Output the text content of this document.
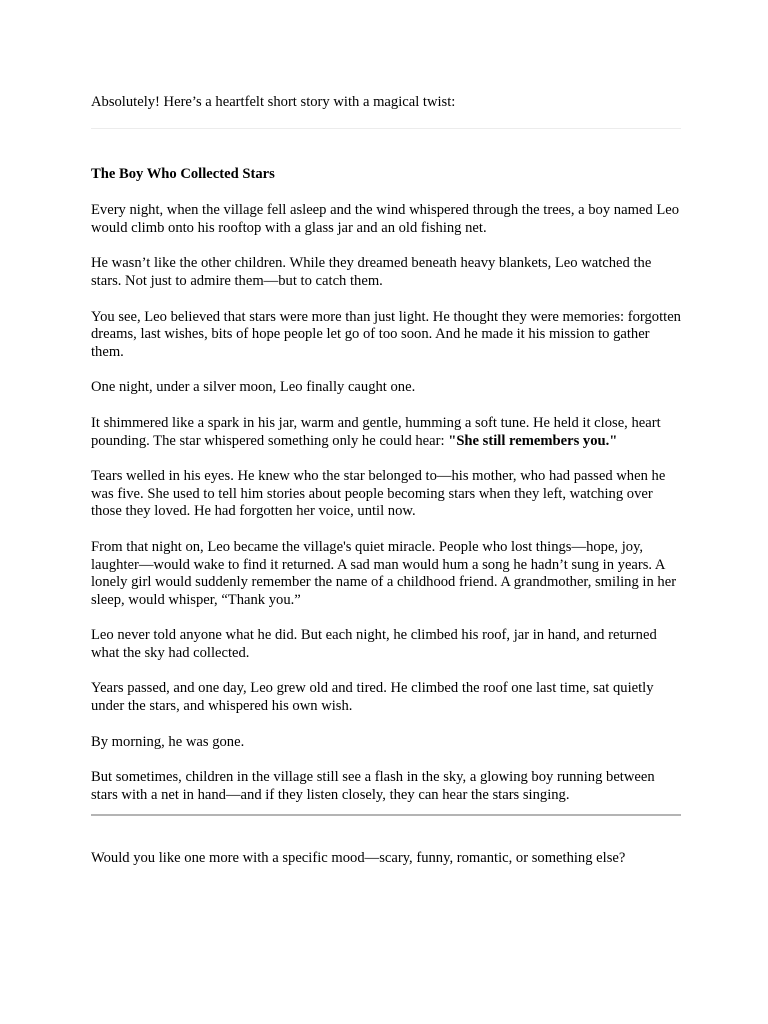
Absolutely! Here’s a heartfelt short story with a magical twist:

The Boy Who Collected Stars

Every night, when the village fell asleep and the wind whispered through the trees, a boy named Leo would climb onto his rooftop with a glass jar and an old fishing net.

He wasn’t like the other children. While they dreamed beneath heavy blankets, Leo watched the stars. Not just to admire them—but to catch them.

You see, Leo believed that stars were more than just light. He thought they were memories: forgotten dreams, last wishes, bits of hope people let go of too soon. And he made it his mission to gather them.

One night, under a silver moon, Leo finally caught one.

It shimmered like a spark in his jar, warm and gentle, humming a soft tune. He held it close, heart pounding. The star whispered something only he could hear: "She still remembers you."

Tears welled in his eyes. He knew who the star belonged to—his mother, who had passed when he was five. She used to tell him stories about people becoming stars when they left, watching over those they loved. He had forgotten her voice, until now.

From that night on, Leo became the village's quiet miracle. People who lost things—hope, joy, laughter—would wake to find it returned. A sad man would hum a song he hadn’t sung in years. A lonely girl would suddenly remember the name of a childhood friend. A grandmother, smiling in her sleep, would whisper, “Thank you.”

Leo never told anyone what he did. But each night, he climbed his roof, jar in hand, and returned what the sky had collected.

Years passed, and one day, Leo grew old and tired. He climbed the roof one last time, sat quietly under the stars, and whispered his own wish.

By morning, he was gone.

But sometimes, children in the village still see a flash in the sky, a glowing boy running between stars with a net in hand—and if they listen closely, they can hear the stars singing.

Would you like one more with a specific mood—scary, funny, romantic, or something else?
